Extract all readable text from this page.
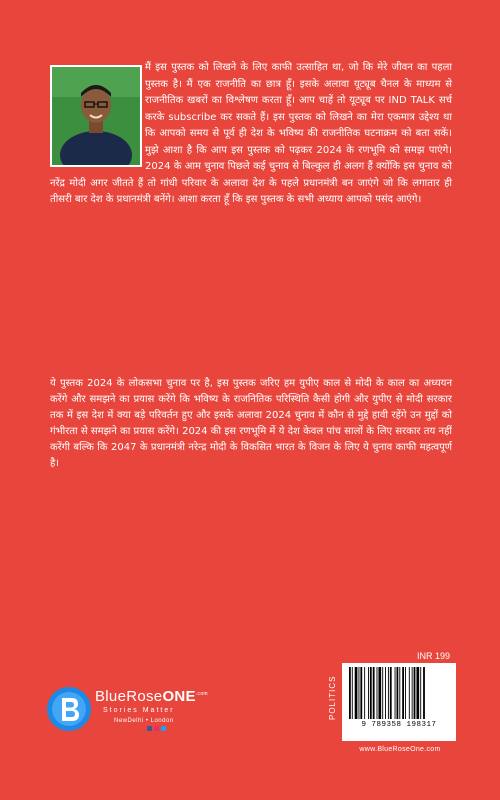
मैं इस पुस्तक को लिखने के लिए काफी उत्साहित था, जो कि मेरे जीवन का पहला पुस्तक है। मैं एक राजनीति का छात्र हूँ। इसके अलावा यूट्यूब चैनल के माध्यम से राजनीतिक खबरों का विश्लेषण करता हूँ। आप चाहें तो यूट्यूब पर IND TALK सर्च करके subscribe कर सकते हैं। इस पुस्तक को लिखने का मेरा एकमात्र उद्देश्य था कि आपको समय से पूर्व ही देश के भविष्य की राजनीतिक घटनाक्रम को बता सकें। मुझे आशा है कि आप इस पुस्तक को पढ़कर 2024 के रणभूमि को समझ पाएंगे। 2024 के आम चुनाव पिछले कई चुनाव से बिल्कुल ही अलग हैं क्योंकि इस चुनाव को नरेंद्र मोदी अगर जीतते हैं तो गांधी परिवार के अलावा देश के पहले प्रधानमंत्री बन जाएंगे जो कि लगातार ही तीसरी बार देश के प्रधानमंत्री बनेंगे। आशा करता हूँ कि इस पुस्तक के सभी अध्याय आपको पसंद आएंगे।

ये पुस्तक 2024 के लोकसभा चुनाव पर है, इस पुस्तक जरिए हम युपीए काल से मोदी के काल का अध्ययन करेंगे और समझने का प्रयास करेंगे कि भविष्य के राजनितिक परिस्थिति कैसी होगी और युपीए से मोदी सरकार तक में इस देश में क्या बड़े परिवर्तन हुए और इसके अलावा 2024 चुनाव में कौन से मुद्दे हावी रहेंगे उन मुद्दों को गंभीरता से समझने का प्रयास करेंगे। 2024 की इस रणभूमि में ये देश केवल पांच सालों के लिए सरकार तय नहीं करेंगी बल्कि कि 2047 के प्रधानमंत्री नरेन्द्र मोदी के विकसित भारत के विजन के लिए ये चुनाव काफी महत्वपूर्ण है।

BlueRoseONE$_{.com}$
Stories Matter
NewDelhi • London
INR 199
POLITICS
9 789358 198317
www.BlueRoseOne.com
